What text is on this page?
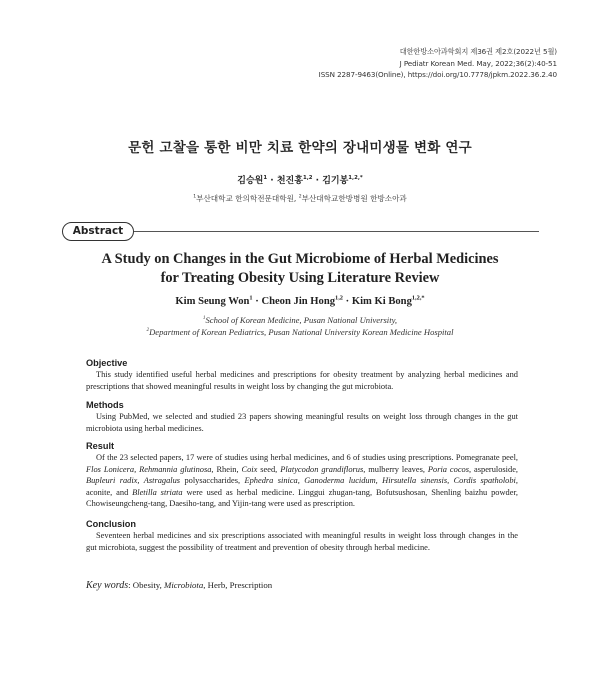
대한한방소아과학회지 제36권 제2호(2022년 5월)
J Pediatr Korean Med. May, 2022;36(2):40-51
ISSN 2287-9463(Online), https://doi.org/10.7778/jpkm.2022.36.2.40
문헌 고찰을 통한 비만 치료 한약의 장내미생물 변화 연구
김승원$^1$ · 천진홍$^{1,2}$ · 김기봉$^{1,2,*}$
$^1$부산대학교 한의학전문대학원, $^2$부산대학교한방병원 한방소아과
Abstract
A Study on Changes in the Gut Microbiome of Herbal Medicines
for Treating Obesity Using Literature Review
Kim Seung Won$^1$ · Cheon Jin Hong$^{1,2}$ · Kim Ki Bong$^{1,2,*}$
$^1$School of Korean Medicine, Pusan National University,
$^2$Department of Korean Pediatrics, Pusan National University Korean Medicine Hospital

Objective

This study identified useful herbal medicines and prescriptions for obesity treatment by analyzing herbal medicines and prescriptions that showed meaningful results in weight loss by changing the gut microbiota.

Methods

Using PubMed, we selected and studied 23 papers showing meaningful results on weight loss through changes in the gut microbiota using herbal medicines.

Result

Of the 23 selected papers, 17 were of studies using herbal medicines, and 6 of studies using prescriptions. Pomegranate peel, Flos Lonicera, Rehmannia glutinosa, Rhein, Coix seed, Platycodon grandiflorus, mulberry leaves, Poria cocos, asperuloside, Bupleuri radix, Astragalus polysaccharides, Ephedra sinica, Ganoderma lucidum, Hirsutella sinensis, Cordis spatholobi, aconite, and Bletilla striata were used as herbal medicine. Linggui zhugan-tang, Bofutsushosan, Shenling baizhu powder, Chowiseungcheng-tang, Daesiho-tang, and Yijin-tang were used as prescription.

Conclusion

Seventeen herbal medicines and six prescriptions associated with meaningful results in weight loss through changes in the gut microbiota, suggest the possibility of treatment and prevention of obesity through herbal medicine.

Key words: Obesity, Microbiota, Herb, Prescription
